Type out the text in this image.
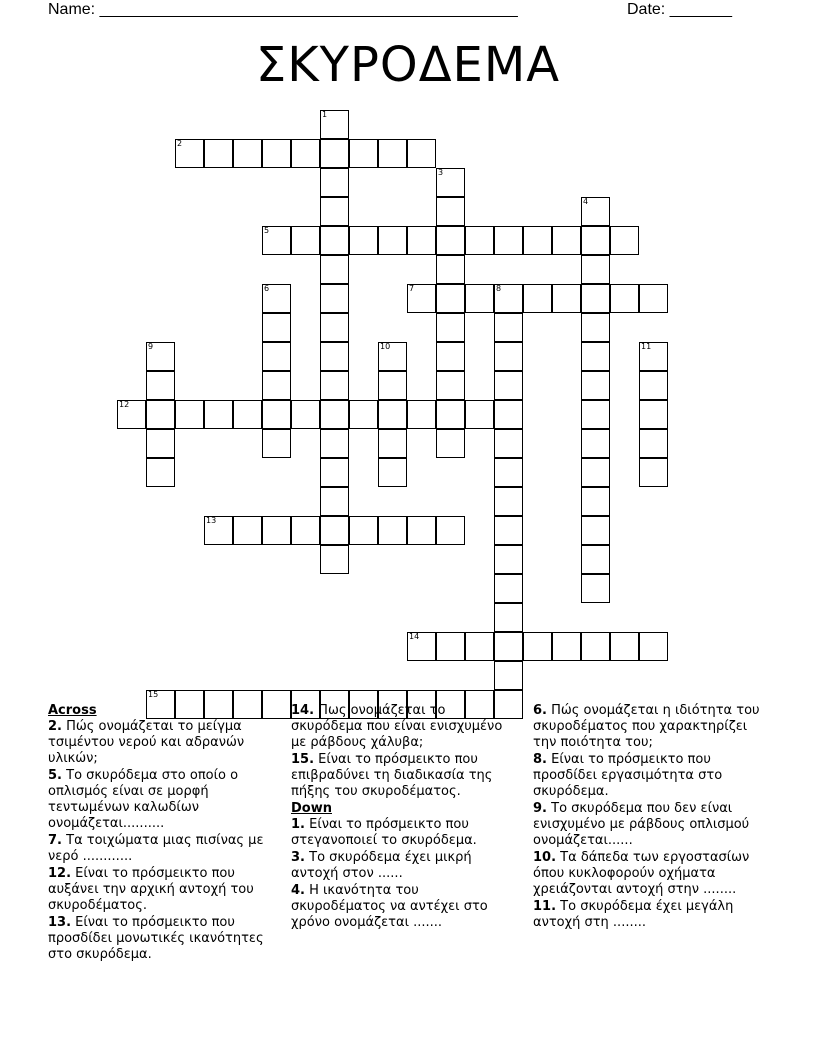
Name: _______________________________________________	Date: _______
ΣΚΥΡΟΔΕΜΑ
1
2
3
4
5
6	7	8
9	10	11
12
13
14
15

Across

2. Πώς ονομάζεται το μείγμα τσιμέντου νερού και αδρανών υλικών;

5. Το σκυρόδεμα στο οποίο ο οπλισμός είναι σε μορφή τεντωμένων καλωδίων ονομάζεται..........

7. Τα τοιχώματα μιας πισίνας με νερό ............

12. Είναι το πρόσμεικτο που αυξάνει την αρχική αντοχή του σκυροδέματος.

13. Είναι το πρόσμεικτο που προσδίδει μονωτικές ικανότητες στο σκυρόδεμα.

14. Πως ονομάζεται το σκυρόδεμα που είναι ενισχυμένο με ράβδους χάλυβα;

15. Είναι το πρόσμεικτο που επιβραδύνει τη διαδικασία της πήξης του σκυροδέματος.

Down

1. Είναι το πρόσμεικτο που στεγανοποιεί το σκυρόδεμα.

3. Το σκυρόδεμα έχει μικρή αντοχή στον ......

4. Η ικανότητα του σκυροδέματος να αντέχει στο χρόνο ονομάζεται .......

6. Πώς ονομάζεται η ιδιότητα του σκυροδέματος που χαρακτηρίζει την ποιότητα του;

8. Είναι το πρόσμεικτο που προσδίδει εργασιμότητα στο σκυρόδεμα.

9. Το σκυρόδεμα που δεν είναι ενισχυμένο με ράβδους οπλισμού ονομάζεται......

10. Τα δάπεδα των εργοστασίων όπου κυκλοφορούν οχήματα χρειάζονται αντοχή στην ........

11. Το σκυρόδεμα έχει μεγάλη αντοχή στη ........
